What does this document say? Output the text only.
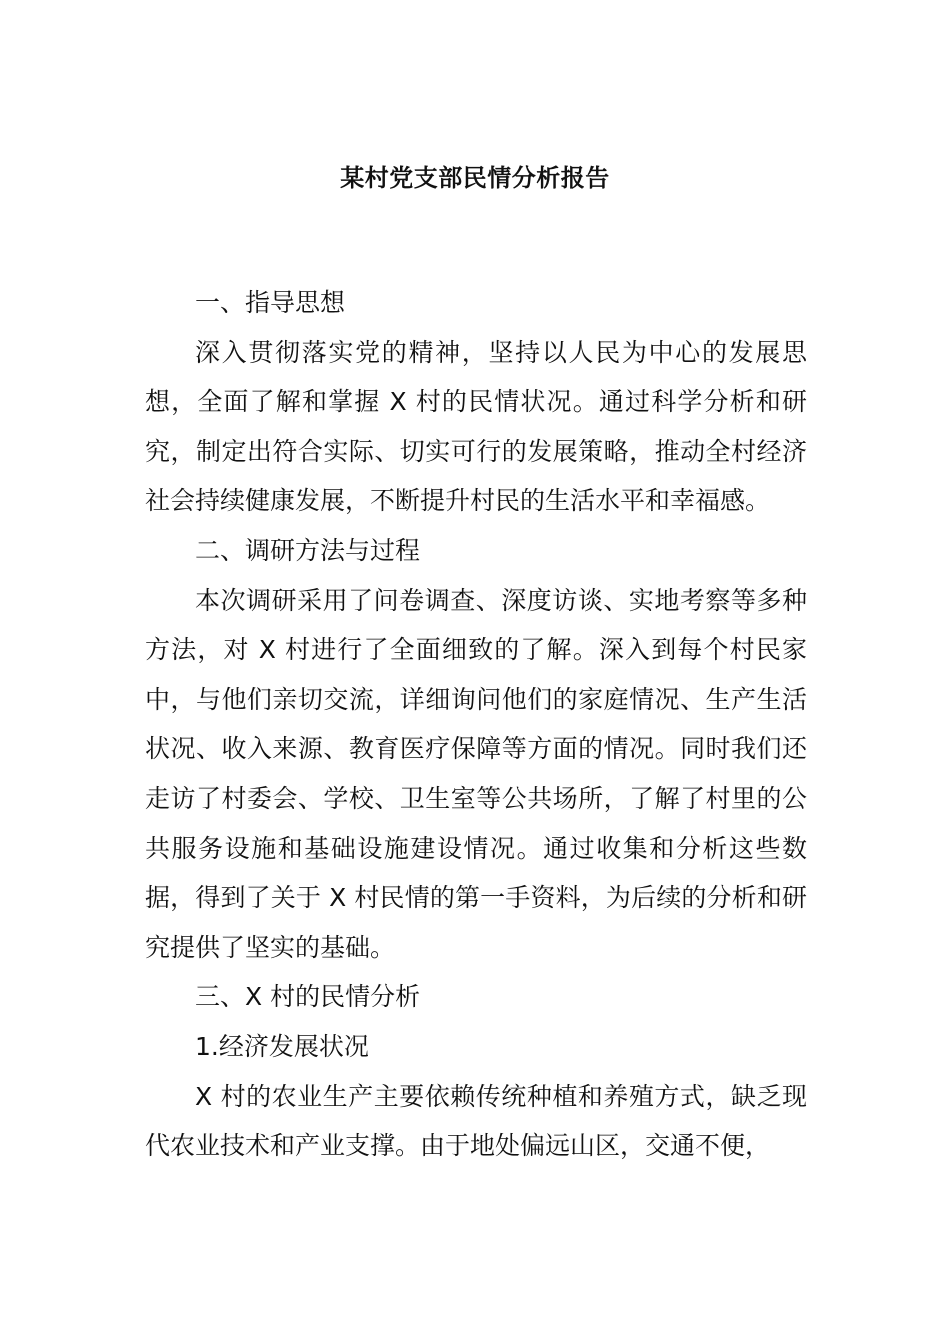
某村党支部民情分析报告

一、指导思想

深入贯彻落实党的精神，坚持以人民为中心的发展思想，全面了解和掌握 X 村的民情状况。通过科学分析和研究，制定出符合实际、切实可行的发展策略，推动全村经济社会持续健康发展，不断提升村民的生活水平和幸福感。

二、调研方法与过程

本次调研采用了问卷调查、深度访谈、实地考察等多种方法，对 X 村进行了全面细致的了解。深入到每个村民家中，与他们亲切交流，详细询问他们的家庭情况、生产生活状况、收入来源、教育医疗保障等方面的情况。同时我们还走访了村委会、学校、卫生室等公共场所，了解了村里的公共服务设施和基础设施建设情况。通过收集和分析这些数据，得到了关于 X 村民情的第一手资料，为后续的分析和研究提供了坚实的基础。

三、X 村的民情分析

1.经济发展状况

X 村的农业生产主要依赖传统种植和养殖方式，缺乏现代农业技术和产业支撑。由于地处偏远山区，交通不便，
